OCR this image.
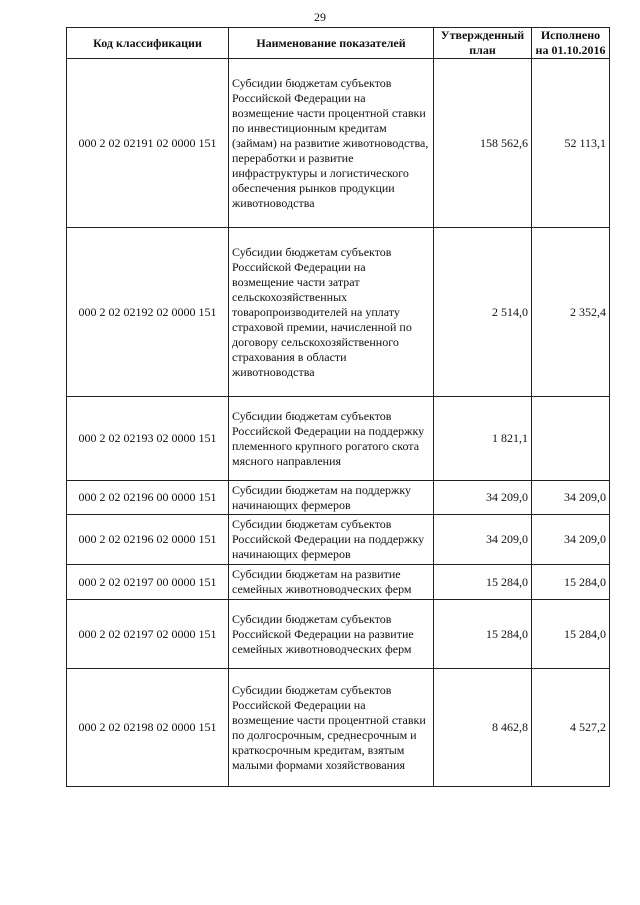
29
Код классификации	Наименование показателей	Утвержденный план	Исполнено на 01.10.2016
000 2 02 02191 02 0000 151	Субсидии бюджетам субъектов Российской Федерации на возмещение части процентной ставки по инвестиционным кредитам (займам) на развитие животноводства, переработки и развитие инфраструктуры и логистического обеспечения рынков продукции животноводства	158 562,6	52 113,1
000 2 02 02192 02 0000 151	Субсидии бюджетам субъектов Российской Федерации на возмещение части затрат сельскохозяйственных товаропроизводителей на уплату страховой премии, начисленной по договору сельскохозяйственного страхования в области животноводства	2 514,0	2 352,4
000 2 02 02193 02 0000 151	Субсидии бюджетам субъектов Российской Федерации на поддержку племенного крупного рогатого скота мясного направления	1 821,1	
000 2 02 02196 00 0000 151	Субсидии бюджетам на поддержку начинающих фермеров	34 209,0	34 209,0
000 2 02 02196 02 0000 151	Субсидии бюджетам субъектов Российской Федерации на поддержку начинающих фермеров	34 209,0	34 209,0
000 2 02 02197 00 0000 151	Субсидии бюджетам на развитие семейных животноводческих ферм	15 284,0	15 284,0
000 2 02 02197 02 0000 151	Субсидии бюджетам субъектов Российской Федерации на развитие семейных животноводческих ферм	15 284,0	15 284,0
000 2 02 02198 02 0000 151	Субсидии бюджетам субъектов Российской Федерации на возмещение части процентной ставки по долгосрочным, среднесрочным и краткосрочным кредитам, взятым малыми формами хозяйствования	8 462,8	4 527,2
